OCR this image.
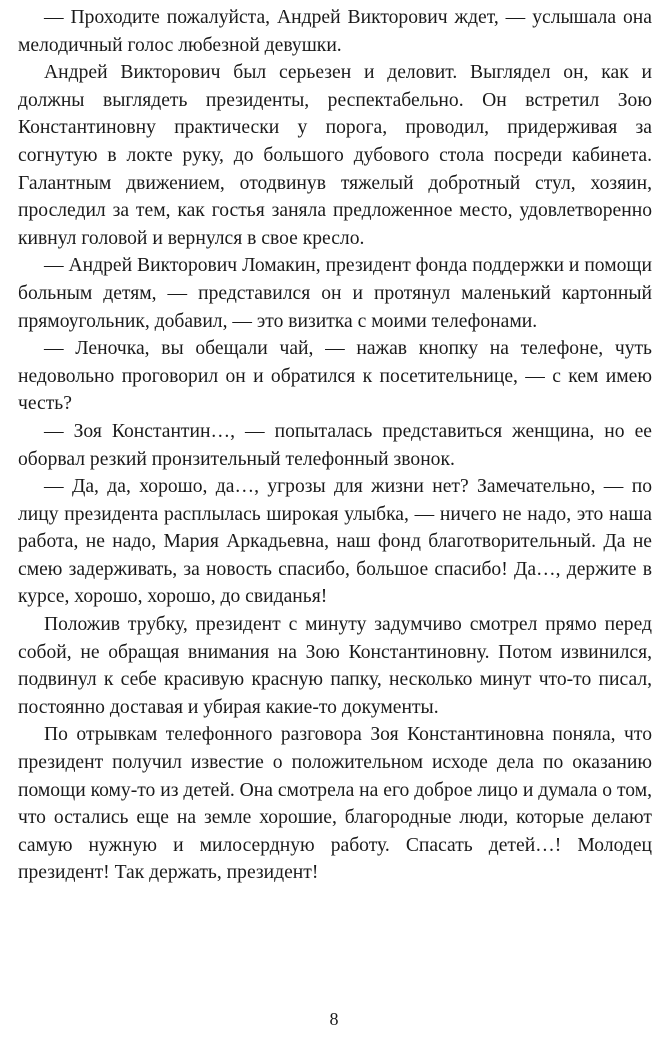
— Проходите пожалуйста, Андрей Викторович ждет, — услышала она мелодичный голос любезной девушки.

Андрей Викторович был серьезен и деловит. Выглядел он, как и должны выглядеть президенты, респектабельно. Он встретил Зою Константиновну практически у порога, проводил, придерживая за согнутую в локте руку, до большого дубового стола посреди кабинета. Галантным движением, отодвинув тяжелый добротный стул, хозяин, проследил за тем, как гостья заняла предложенное место, удовлетворенно кивнул головой и вернулся в свое кресло.

— Андрей Викторович Ломакин, президент фонда поддержки и помощи больным детям, — представился он и протянул маленький картонный прямоугольник, добавил, — это визитка с моими телефонами.

— Леночка, вы обещали чай, — нажав кнопку на телефоне, чуть недовольно проговорил он и обратился к посетительнице, — с кем имею честь?

— Зоя Константин…, — попыталась представиться женщина, но ее оборвал резкий пронзительный телефонный звонок.

— Да, да, хорошо, да…, угрозы для жизни нет? Замечательно, — по лицу президента расплылась широкая улыбка, — ничего не надо, это наша работа, не надо, Мария Аркадьевна, наш фонд благотворительный. Да не смею задерживать, за новость спасибо, большое спасибо! Да…, держите в курсе, хорошо, хорошо, до свиданья!

Положив трубку, президент с минуту задумчиво смотрел прямо перед собой, не обращая внимания на Зою Константиновну. Потом извинился, подвинул к себе красивую красную папку, несколько минут что-то писал, постоянно доставая и убирая какие-то документы.

По отрывкам телефонного разговора Зоя Константиновна поняла, что президент получил известие о положительном исходе дела по оказанию помощи кому-то из детей. Она смотрела на его доброе лицо и думала о том, что остались еще на земле хорошие, благородные люди, которые делают самую нужную и милосердную работу. Спасать детей…! Молодец президент! Так держать, президент!

8
